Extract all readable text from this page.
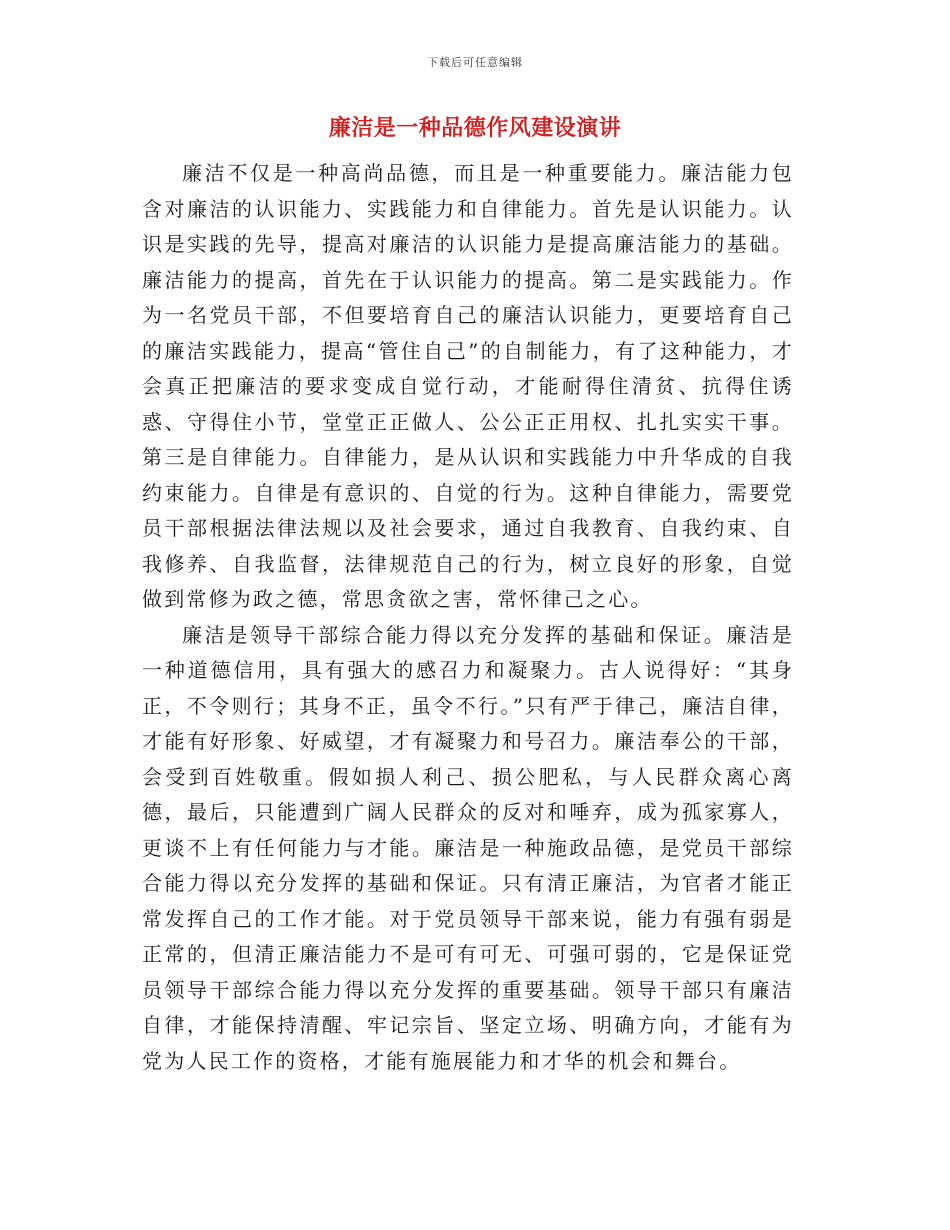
下载后可任意编辑
廉洁是一种品德作风建设演讲

廉洁不仅是一种高尚品德，而且是一种重要能力。廉洁能力包含对廉洁的认识能力、实践能力和自律能力。首先是认识能力。认识是实践的先导，提高对廉洁的认识能力是提高廉洁能力的基础。廉洁能力的提高，首先在于认识能力的提高。第二是实践能力。作为一名党员干部，不但要培育自己的廉洁认识能力，更要培育自己的廉洁实践能力，提高“管住自己”的自制能力，有了这种能力，才会真正把廉洁的要求变成自觉行动，才能耐得住清贫、抗得住诱惑、守得住小节，堂堂正正做人、公公正正用权、扎扎实实干事。第三是自律能力。自律能力，是从认识和实践能力中升华成的自我约束能力。自律是有意识的、自觉的行为。这种自律能力，需要党员干部根据法律法规以及社会要求，通过自我教育、自我约束、自我修养、自我监督，法律规范自己的行为，树立良好的形象，自觉做到常修为政之德，常思贪欲之害，常怀律己之心。

廉洁是领导干部综合能力得以充分发挥的基础和保证。廉洁是一种道德信用，具有强大的感召力和凝聚力。古人说得好：“其身正，不令则行；其身不正，虽令不行。”只有严于律己，廉洁自律，才能有好形象、好威望，才有凝聚力和号召力。廉洁奉公的干部，会受到百姓敬重。假如损人利己、损公肥私，与人民群众离心离德，最后，只能遭到广阔人民群众的反对和唾弃，成为孤家寡人，更谈不上有任何能力与才能。廉洁是一种施政品德，是党员干部综合能力得以充分发挥的基础和保证。只有清正廉洁，为官者才能正常发挥自己的工作才能。对于党员领导干部来说，能力有强有弱是正常的，但清正廉洁能力不是可有可无、可强可弱的，它是保证党员领导干部综合能力得以充分发挥的重要基础。领导干部只有廉洁自律，才能保持清醒、牢记宗旨、坚定立场、明确方向，才能有为党为人民工作的资格，才能有施展能力和才华的机会和舞台。
